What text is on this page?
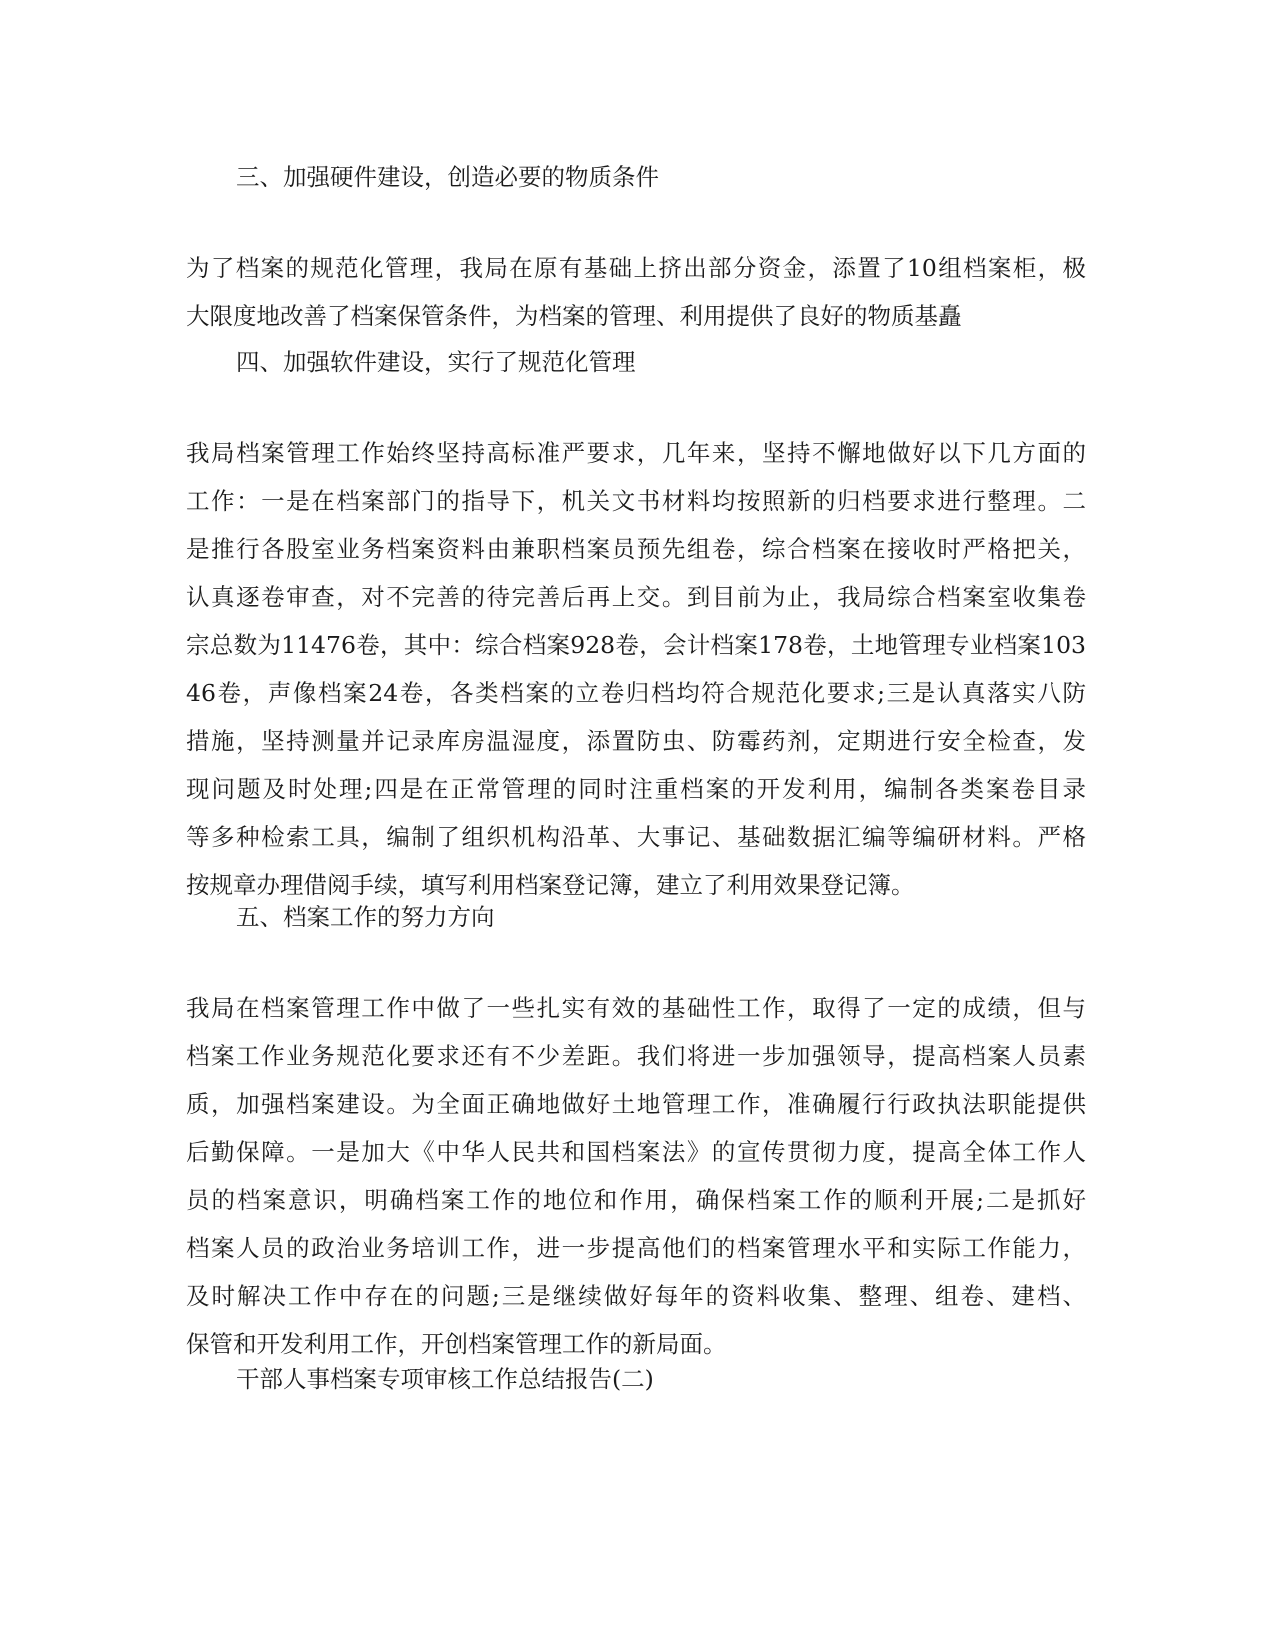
三、加强硬件建设，创造必要的物质条件
为了档案的规范化管理，我局在原有基础上挤出部分资金，添置了10组档案柜，极
大限度地改善了档案保管条件，为档案的管理、利用提供了良好的物质基矗
四、加强软件建设，实行了规范化管理
我局档案管理工作始终坚持高标准严要求，几年来，坚持不懈地做好以下几方面的
工作：一是在档案部门的指导下，机关文书材料均按照新的归档要求进行整理。二
是推行各股室业务档案资料由兼职档案员预先组卷，综合档案在接收时严格把关，
认真逐卷审查，对不完善的待完善后再上交。到目前为止，我局综合档案室收集卷
宗总数为11476卷，其中：综合档案928卷，会计档案178卷，土地管理专业档案103
46卷，声像档案24卷，各类档案的立卷归档均符合规范化要求;三是认真落实八防
措施，坚持测量并记录库房温湿度，添置防虫、防霉药剂，定期进行安全检查，发
现问题及时处理;四是在正常管理的同时注重档案的开发利用，编制各类案卷目录
等多种检索工具，编制了组织机构沿革、大事记、基础数据汇编等编研材料。严格
按规章办理借阅手续，填写利用档案登记簿，建立了利用效果登记簿。
五、档案工作的努力方向
我局在档案管理工作中做了一些扎实有效的基础性工作，取得了一定的成绩，但与
档案工作业务规范化要求还有不少差距。我们将进一步加强领导，提高档案人员素
质，加强档案建设。为全面正确地做好土地管理工作，准确履行行政执法职能提供
后勤保障。一是加大《中华人民共和国档案法》的宣传贯彻力度，提高全体工作人
员的档案意识，明确档案工作的地位和作用，确保档案工作的顺利开展;二是抓好
档案人员的政治业务培训工作，进一步提高他们的档案管理水平和实际工作能力，
及时解决工作中存在的问题;三是继续做好每年的资料收集、整理、组卷、建档、
保管和开发利用工作，开创档案管理工作的新局面。
干部人事档案专项审核工作总结报告(二)
